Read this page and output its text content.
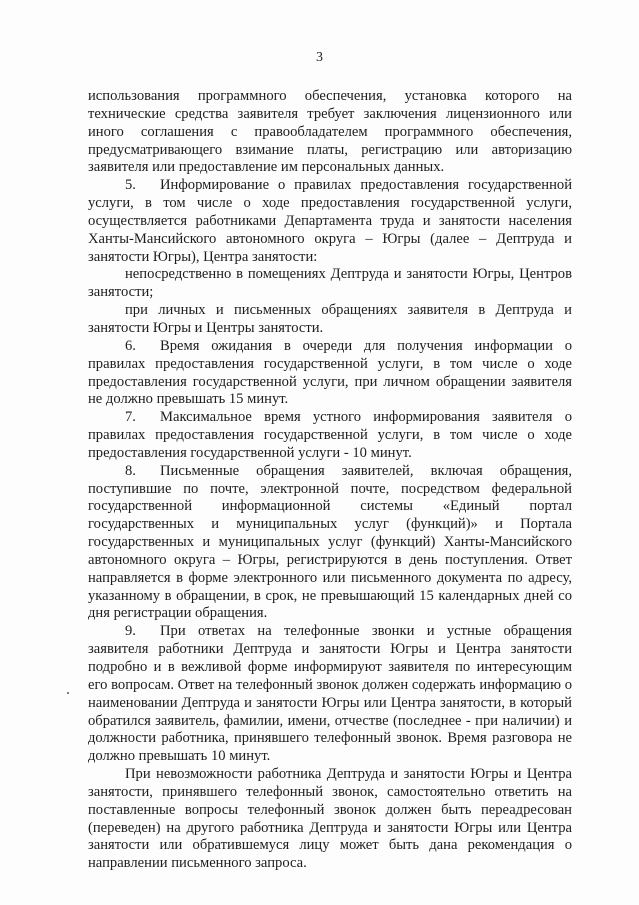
3

использования программного обеспечения, установка которого на технические средства заявителя требует заключения лицензионного или иного соглашения с правообладателем программного обеспечения, предусматривающего взимание платы, регистрацию или авторизацию заявителя или предоставление им персональных данных.

5. Информирование о правилах предоставления государственной услуги, в том числе о ходе предоставления государственной услуги, осуществляется работниками Департамента труда и занятости населения Ханты-Мансийского автономного округа – Югры (далее – Дептруда и занятости Югры), Центра занятости:

непосредственно в помещениях Дептруда и занятости Югры, Центров занятости;

при личных и письменных обращениях заявителя в Дептруда и занятости Югры и Центры занятости.

6. Время ожидания в очереди для получения информации о правилах предоставления государственной услуги, в том числе о ходе предоставления государственной услуги, при личном обращении заявителя не должно превышать 15 минут.

7. Максимальное время устного информирования заявителя о правилах предоставления государственной услуги, в том числе о ходе предоставления государственной услуги - 10 минут.

8. Письменные обращения заявителей, включая обращения, поступившие по почте, электронной почте, посредством федеральной государственной информационной системы «Единый портал государственных и муниципальных услуг (функций)» и Портала государственных и муниципальных услуг (функций) Ханты-Мансийского автономного округа – Югры, регистрируются в день поступления. Ответ направляется в форме электронного или письменного документа по адресу, указанному в обращении, в срок, не превышающий 15 календарных дней со дня регистрации обращения.

9. При ответах на телефонные звонки и устные обращения заявителя работники Дептруда и занятости Югры и Центра занятости подробно и в вежливой форме информируют заявителя по интересующим его вопросам. Ответ на телефонный звонок должен содержать информацию о наименовании Дептруда и занятости Югры или Центра занятости, в который обратился заявитель, фамилии, имени, отчестве (последнее - при наличии) и должности работника, принявшего телефонный звонок. Время разговора не должно превышать 10 минут.

При невозможности работника Дептруда и занятости Югры и Центра занятости, принявшего телефонный звонок, самостоятельно ответить на поставленные вопросы телефонный звонок должен быть переадресован (переведен) на другого работника Дептруда и занятости Югры или Центра занятости или обратившемуся лицу может быть дана рекомендация о направлении письменного запроса.
